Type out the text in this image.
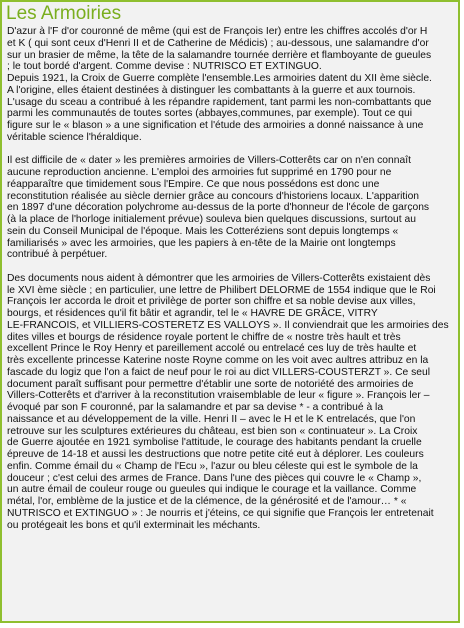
Les Armoiries

D'azur à l'F d'or couronné de même (qui est de François Ier) entre les chiffres accolés d'or H
et K ( qui sont ceux d'Henri II et de Catherine de Médicis) ; au-dessous, une salamandre d'or
sur un brasier de même, la tête de la salamandre tournée derrière et flamboyante de gueules
; le tout bordé d'argent. Comme devise : NUTRISCO ET EXTINGUO.
Depuis 1921, la Croix de Guerre complète l'ensemble.Les armoiries datent du XII ème siècle.
A l'origine, elles étaient destinées à distinguer les combattants à la guerre et aux tournois.
L'usage du sceau a contribué à les répandre rapidement, tant parmi les non-combattants que
parmi les communautés de toutes sortes (abbayes,communes, par exemple). Tout ce qui
figure sur le « blason » a une signification et l'étude des armoiries a donné naissance à une
véritable science l'héraldique.

Il est difficile de « dater » les premières armoiries de Villers-Cotterêts car on n'en connaît
aucune reproduction ancienne. L'emploi des armoiries fut supprimé en 1790 pour ne
réapparaître que timidement sous l'Empire. Ce que nous possédons est donc une
reconstitution réalisée au siècle dernier grâce au concours d'historiens locaux. L'apparition
en 1897 d'une décoration polychrome au-dessus de la porte d'honneur de l'école de garçons
(à la place de l'horloge initialement prévue) souleva bien quelques discussions, surtout au
sein du Conseil Municipal de l'époque. Mais les Cotteréziens sont depuis longtemps «
familiarisés » avec les armoiries, que les papiers à en-tête de la Mairie ont longtemps
contribué à perpétuer.

Des documents nous aident à démontrer que les armoiries de Villers-Cotterêts existaient dès
le XVI ème siècle ; en particulier, une lettre de Philibert DELORME de 1554 indique que le Roi
François Ier accorda le droit et privilège de porter son chiffre et sa noble devise aux villes,
bourgs, et résidences qu'il fit bâtir et agrandir, tel le « HAVRE DE GRÂCE, VITRY
LE-FRANCOIS, et VILLIERS-COSTERETZ ES VALLOYS ». Il conviendrait que les armoiries des
dites villes et bourgs de résidence royale portent le chiffre de « nostre très hault et très
excellent Prince le Roy Henry et pareillement accolé ou entrelacé ces luy de très haulte et
très excellente princesse Katerine noste Royne comme on les voit avec aultres attribuz en la
fascade du logiz que l'on a faict de neuf pour le roi au dict VILLERS-COUSTERZT ». Ce seul
document paraît suffisant pour permettre d'établir une sorte de notoriété des armoiries de
Villers-Cotterêts et d'arriver à la reconstitution vraisemblable de leur « figure ». François ler –
évoqué par son F couronné, par la salamandre et par sa devise * - a contribué à la
naissance et au développement de la ville. Henri II – avec le H et le K entrelacés, que l'on
retrouve sur les sculptures extérieures du château, est bien son « continuateur ». La Croix
de Guerre ajoutée en 1921 symbolise l'attitude, le courage des habitants pendant la cruelle
épreuve de 14-18 et aussi les destructions que notre petite cité eut à déplorer. Les couleurs
enfin. Comme émail du « Champ de l'Ecu », l'azur ou bleu céleste qui est le symbole de la
douceur ; c'est celui des armes de France. Dans l'une des pièces qui couvre le « Champ »,
un autre émail de couleur rouge ou gueules qui indique le courage et la vaillance. Comme
métal, l'or, emblème de la justice et de la clémence, de la générosité et de l'amour… * «
NUTRISCO et EXTINGUO » : Je nourris et j'éteins, ce qui signifie que François ler entretenait
ou protégeait les bons et qu'il exterminait les méchants.
